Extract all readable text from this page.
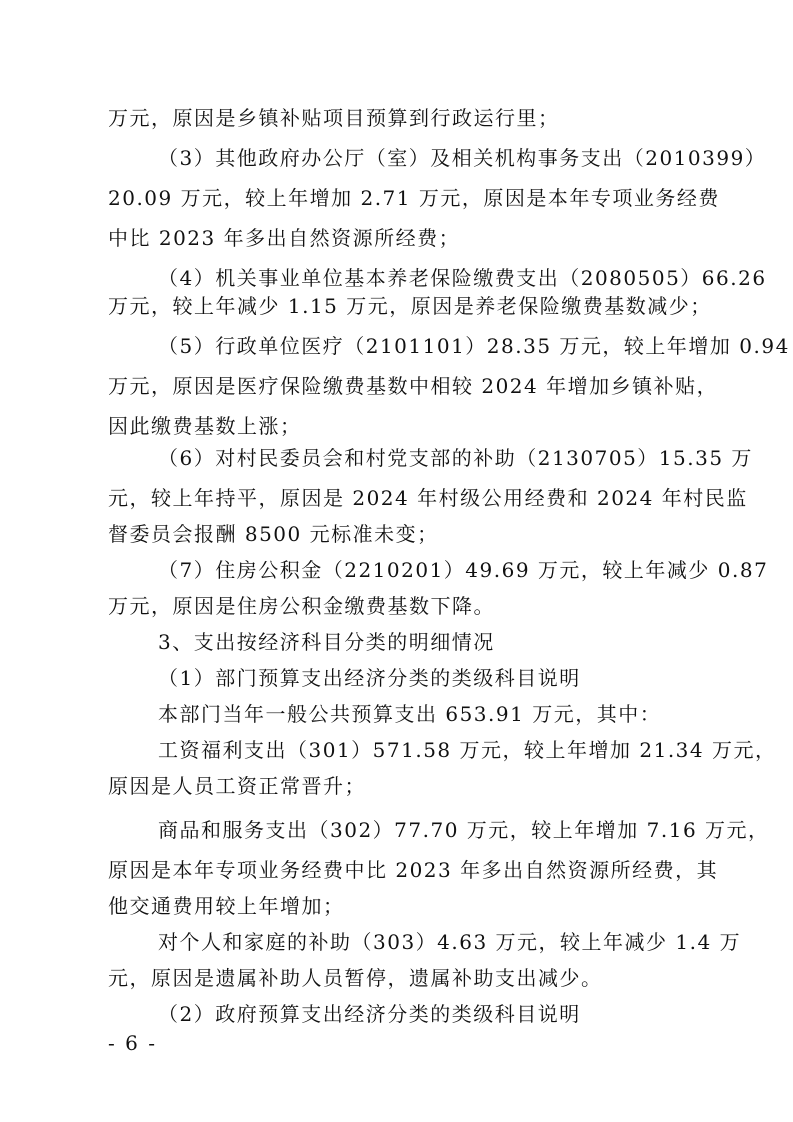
万元，原因是乡镇补贴项目预算到行政运行里；
（3）其他政府办公厅（室）及相关机构事务支出（2010399）
20.09 万元，较上年增加 2.71 万元，原因是本年专项业务经费
中比 2023 年多出自然资源所经费；
（4）机关事业单位基本养老保险缴费支出（2080505）66.26
万元，较上年减少 1.15 万元，原因是养老保险缴费基数减少；
（5）行政单位医疗（2101101）28.35 万元，较上年增加 0.94
万元，原因是医疗保险缴费基数中相较 2024 年增加乡镇补贴，
因此缴费基数上涨；
（6）对村民委员会和村党支部的补助（2130705）15.35 万
元，较上年持平，原因是 2024 年村级公用经费和 2024 年村民监
督委员会报酬 8500 元标准未变；
（7）住房公积金（2210201）49.69 万元，较上年减少 0.87
万元，原因是住房公积金缴费基数下降。
3、支出按经济科目分类的明细情况
（1）部门预算支出经济分类的类级科目说明
本部门当年一般公共预算支出 653.91 万元，其中：
工资福利支出（301）571.58 万元，较上年增加 21.34 万元，
原因是人员工资正常晋升；
商品和服务支出（302）77.70 万元，较上年增加 7.16 万元，
原因是本年专项业务经费中比 2023 年多出自然资源所经费，其
他交通费用较上年增加；
对个人和家庭的补助（303）4.63 万元，较上年减少 1.4 万
元，原因是遗属补助人员暂停，遗属补助支出减少。
（2）政府预算支出经济分类的类级科目说明
- 6 -
